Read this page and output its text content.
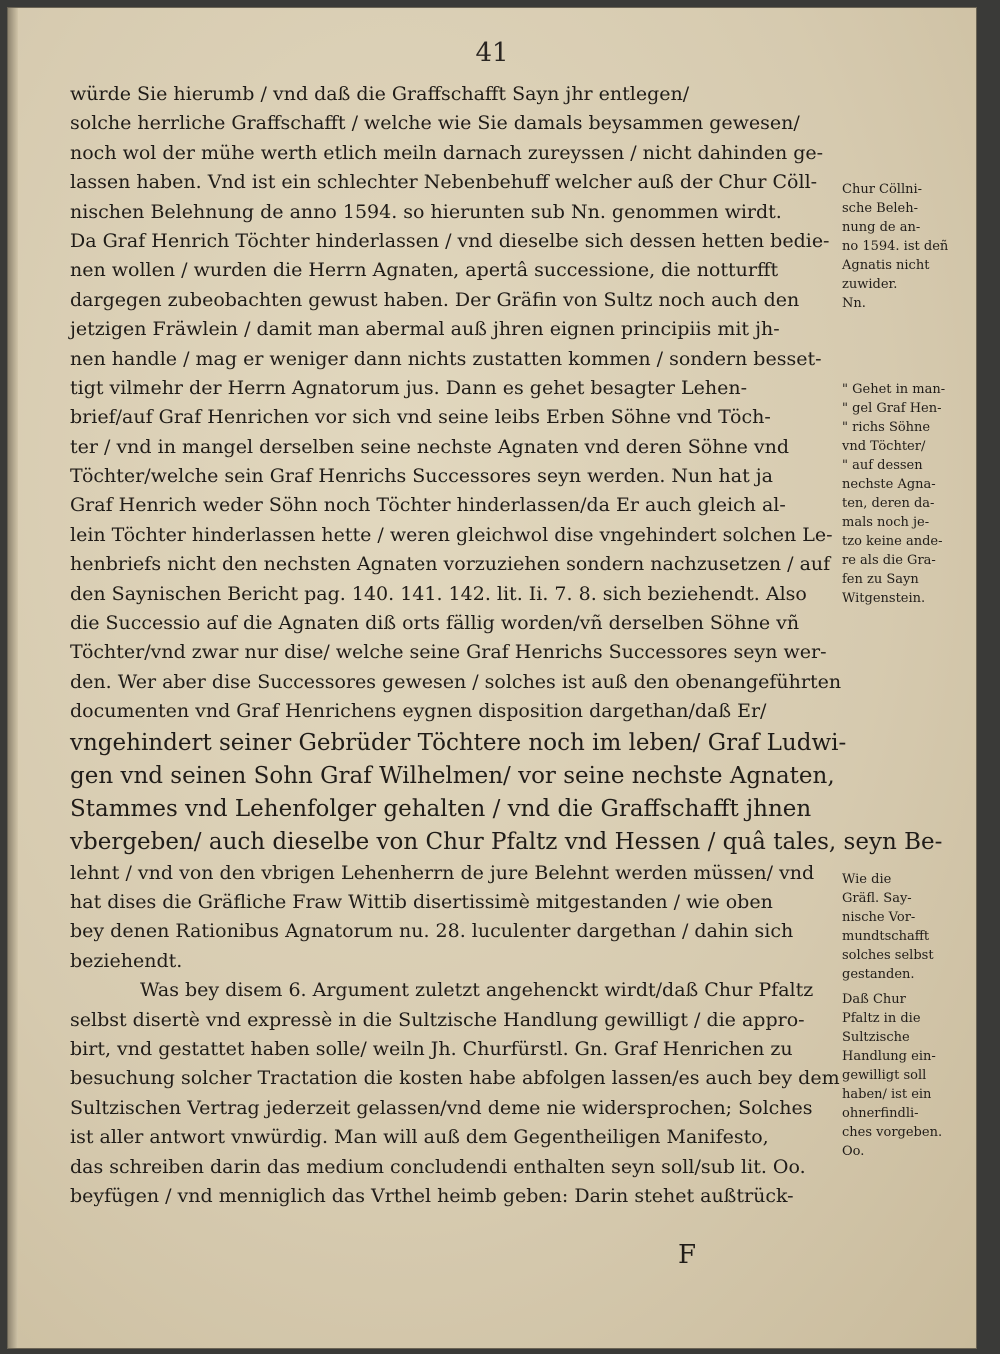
41
würde Sie hierumb / vnd daß die Graffschafft Sayn jhr entlegen/
solche herrliche Graffschafft / welche wie Sie damals beysammen gewesen/
noch wol der mühe werth etlich meiln darnach zureyssen / nicht dahinden ge-
lassen haben. Vnd ist ein schlechter Nebenbehuff welcher auß der Chur Cöll-
nischen Belehnung de anno 1594. so hierunten sub Nn. genommen wirdt.
Da Graf Henrich Töchter hinderlassen / vnd dieselbe sich dessen hetten bedie-
nen wollen / wurden die Herrn Agnaten, apertâ successione, die notturfft
dargegen zubeobachten gewust haben. Der Gräfin von Sultz noch auch den
jetzigen Fräwlein / damit man abermal auß jhren eignen principiis mit jh-
nen handle / mag er weniger dann nichts zustatten kommen / sondern besset-
tigt vilmehr der Herrn Agnatorum jus. Dann es gehet besagter Lehen-
brief/auf Graf Henrichen vor sich vnd seine leibs Erben Söhne vnd Töch-
ter / vnd in mangel derselben seine nechste Agnaten vnd deren Söhne vnd
Töchter/welche sein Graf Henrichs Successores seyn werden. Nun hat ja
Graf Henrich weder Söhn noch Töchter hinderlassen/da Er auch gleich al-
lein Töchter hinderlassen hette / weren gleichwol dise vngehindert solchen Le-
henbriefs nicht den nechsten Agnaten vorzuziehen sondern nachzusetzen / auf
den Saynischen Bericht pag. 140. 141. 142. lit. Ii. 7. 8. sich beziehendt. Also
die Successio auf die Agnaten diß orts fällig worden/vñ derselben Söhne vñ
Töchter/vnd zwar nur dise/ welche seine Graf Henrichs Successores seyn wer-
den. Wer aber dise Successores gewesen / solches ist auß den obenangeführten
documenten vnd Graf Henrichens eygnen disposition dargethan/daß Er/
vngehindert seiner Gebrüder Töchtere noch im leben/ Graf Ludwi-
gen vnd seinen Sohn Graf Wilhelmen/ vor seine nechste Agnaten,
Stammes vnd Lehenfolger gehalten / vnd die Graffschafft jhnen
vbergeben/ auch dieselbe von Chur Pfaltz vnd Hessen / quâ tales, seyn Be-
lehnt / vnd von den vbrigen Lehenherrn de jure Belehnt werden müssen/ vnd
hat dises die Gräfliche Fraw Wittib disertissimè mitgestanden / wie oben
bey denen Rationibus Agnatorum nu. 28. luculenter dargethan / dahin sich
beziehendt.
Was bey disem 6. Argument zuletzt angehenckt wirdt/daß Chur Pfaltz
selbst disertè vnd expressè in die Sultzische Handlung gewilligt / die appro-
birt, vnd gestattet haben solle/ weiln Jh. Churfürstl. Gn. Graf Henrichen zu
besuchung solcher Tractation die kosten habe abfolgen lassen/es auch bey dem
Sultzischen Vertrag jederzeit gelassen/vnd deme nie widersprochen; Solches
ist aller antwort vnwürdig. Man will auß dem Gegentheiligen Manifesto,
das schreiben darin das medium concludendi enthalten seyn soll/sub lit. Oo.
beyfügen / vnd menniglich das Vrthel heimb geben: Darin stehet außtrück-
Chur Cöllni-
sche Beleh-
nung de an-
no 1594. ist deñ
Agnatis nicht
zuwider.
Nn.
" Gehet in man-
" gel Graf Hen-
" richs Söhne
vnd Töchter/
" auf dessen
nechste Agna-
ten, deren da-
mals noch je-
tzo keine ande-
re als die Gra-
fen zu Sayn
Witgenstein.
Wie die
Gräfl. Say-
nische Vor-
mundtschafft
solches selbst
gestanden.
Daß Chur
Pfaltz in die
Sultzische
Handlung ein-
gewilligt soll
haben/ ist ein
ohnerfindli-
ches vorgeben.
Oo.
F
